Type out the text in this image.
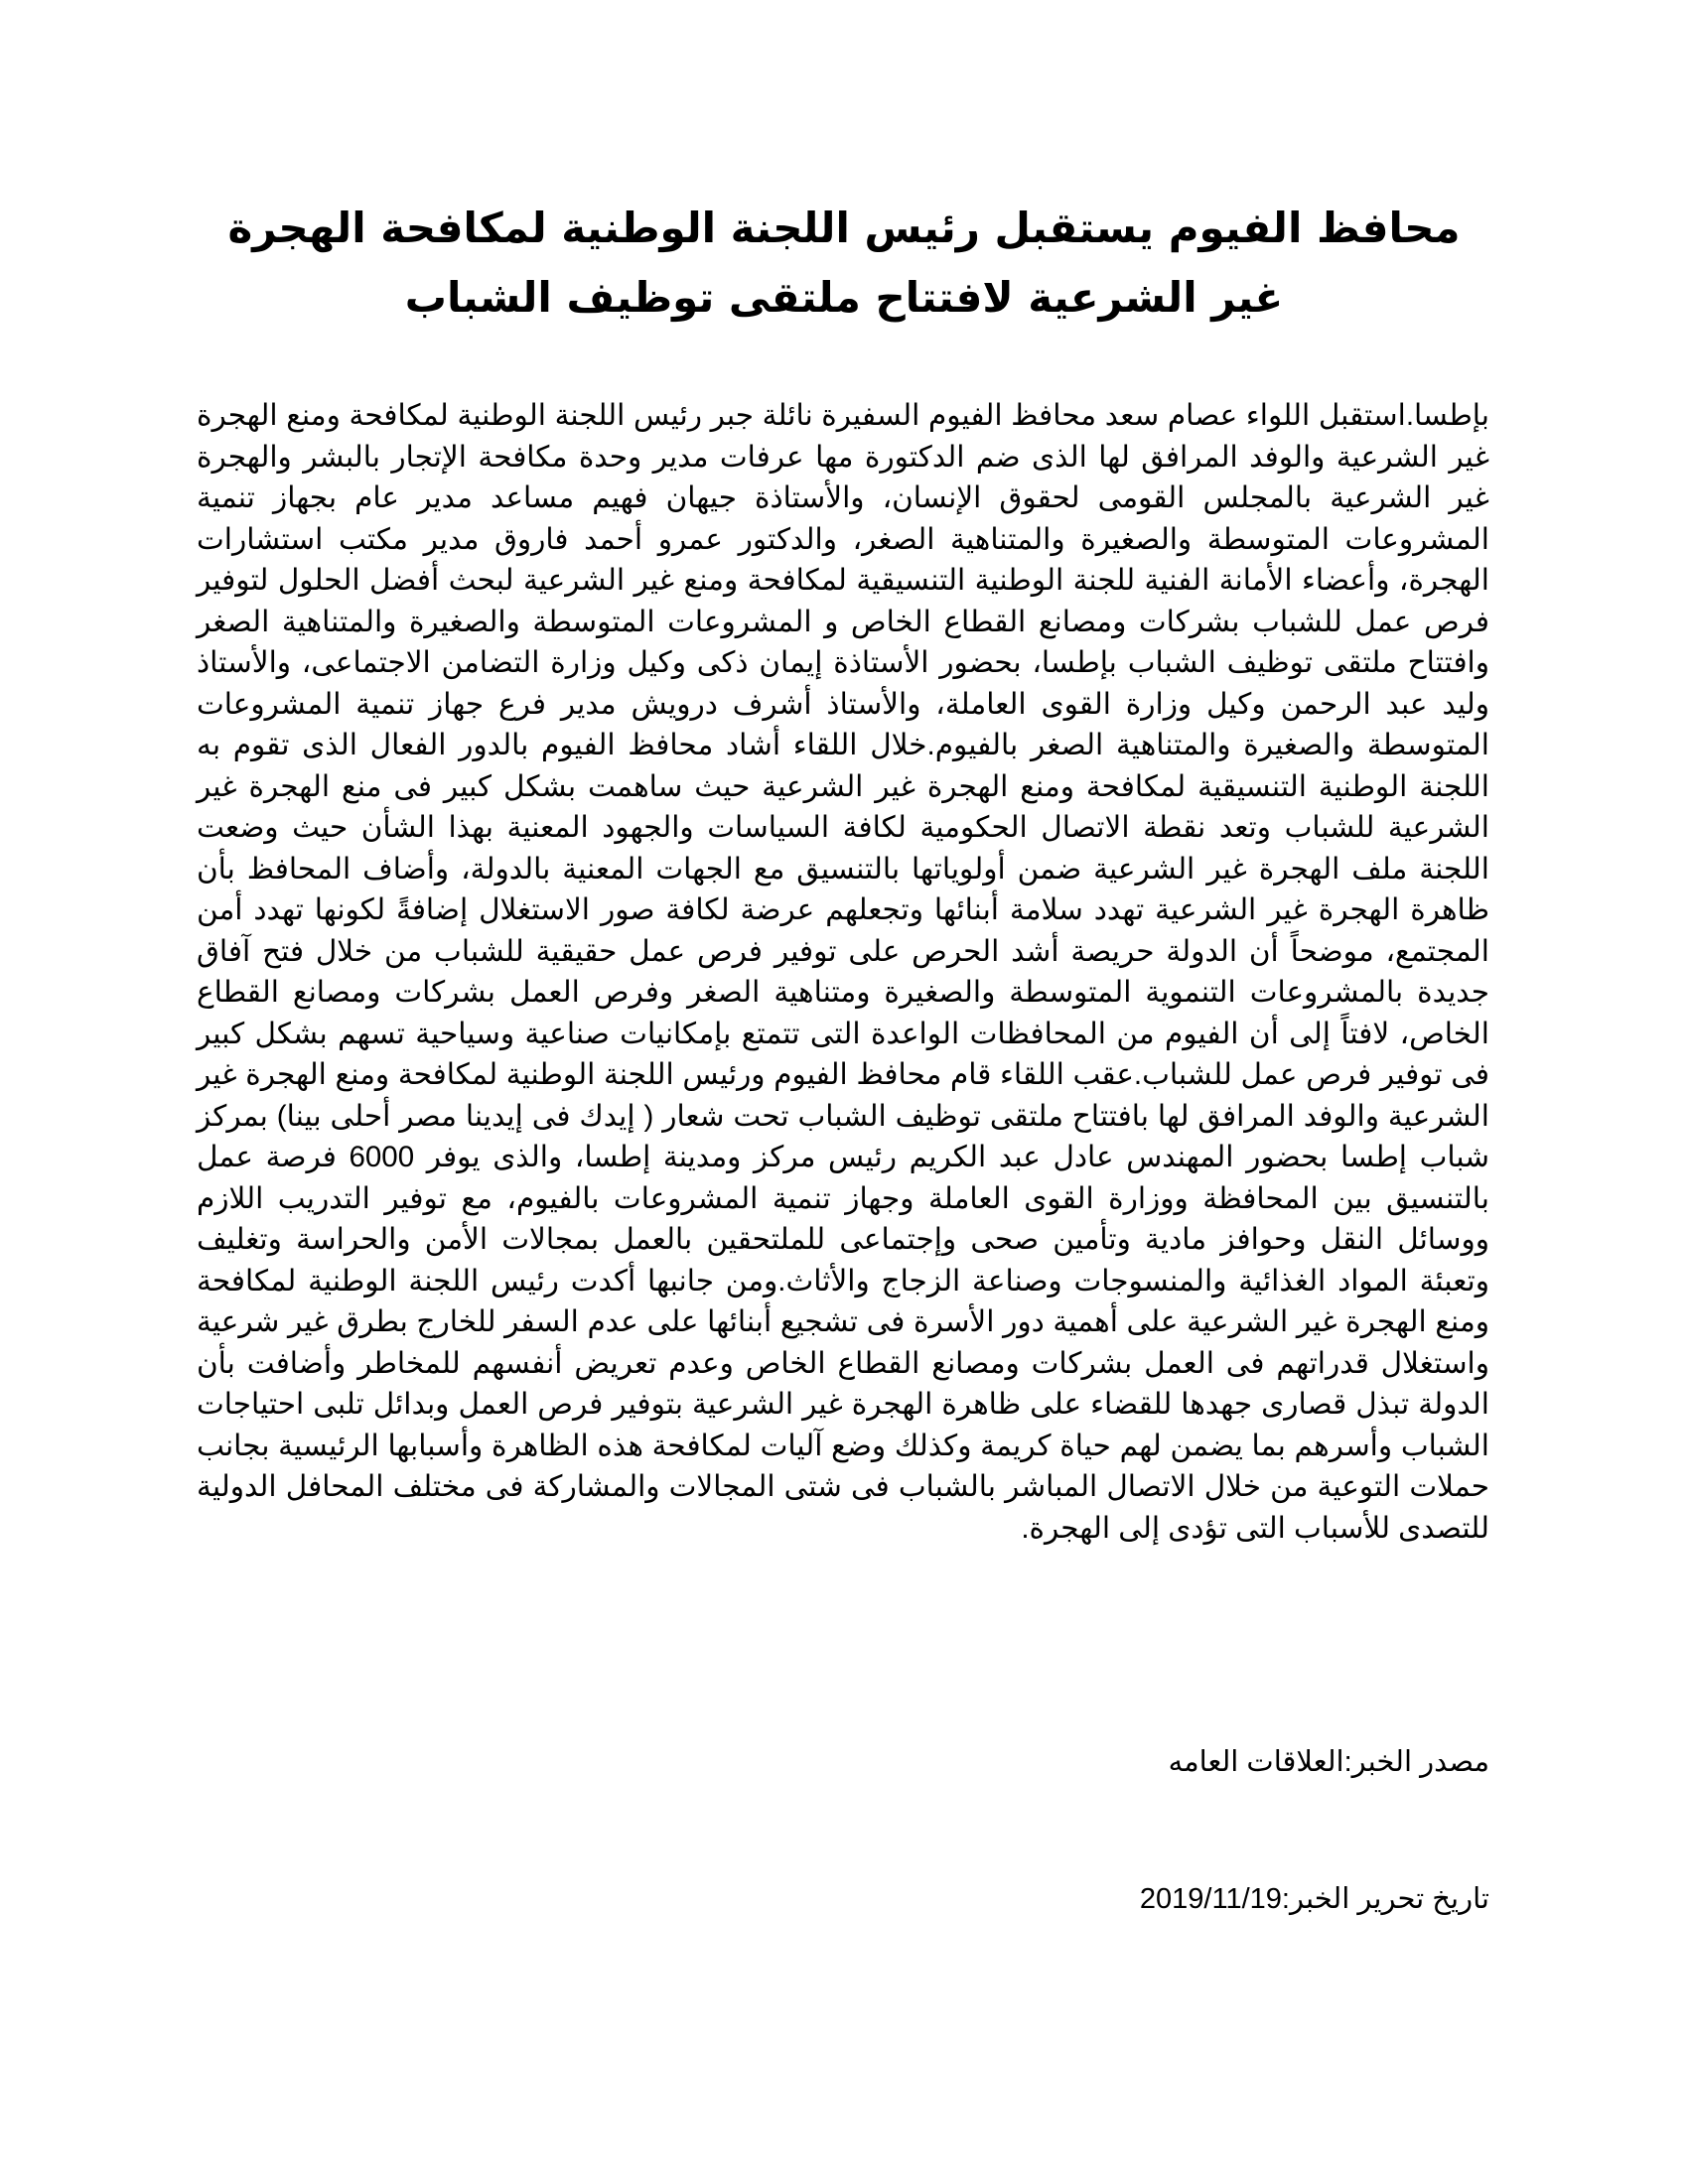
محافظ الفيوم يستقبل رئيس اللجنة الوطنية لمكافحة الهجرة غير الشرعية لافتتاح ملتقى توظيف الشباب

بإطسا.استقبل اللواء عصام سعد محافظ الفيوم السفيرة نائلة جبر رئيس اللجنة الوطنية لمكافحة ومنع الهجرة غير الشرعية والوفد المرافق لها الذى ضم الدكتورة مها عرفات مدير وحدة مكافحة الإتجار بالبشر والهجرة غير الشرعية بالمجلس القومى لحقوق الإنسان، والأستاذة جيهان فهيم مساعد مدير عام بجهاز تنمية المشروعات المتوسطة والصغيرة والمتناهية الصغر، والدكتور عمرو أحمد فاروق مدير مكتب استشارات الهجرة، وأعضاء الأمانة الفنية للجنة الوطنية التنسيقية لمكافحة ومنع غير الشرعية لبحث أفضل الحلول لتوفير فرص عمل للشباب بشركات ومصانع القطاع الخاص و المشروعات المتوسطة والصغيرة والمتناهية الصغر وافتتاح ملتقى توظيف الشباب بإطسا، بحضور الأستاذة إيمان ذكى وكيل وزارة التضامن الاجتماعى، والأستاذ وليد عبد الرحمن وكيل وزارة القوى العاملة، والأستاذ أشرف درويش مدير فرع جهاز تنمية المشروعات المتوسطة والصغيرة والمتناهية الصغر بالفيوم.خلال اللقاء أشاد محافظ الفيوم بالدور الفعال الذى تقوم به اللجنة الوطنية التنسيقية لمكافحة ومنع الهجرة غير الشرعية حيث ساهمت بشكل كبير فى منع الهجرة غير الشرعية للشباب وتعد نقطة الاتصال الحكومية لكافة السياسات والجهود المعنية بهذا الشأن حيث وضعت اللجنة ملف الهجرة غير الشرعية ضمن أولوياتها بالتنسيق مع الجهات المعنية بالدولة، وأضاف المحافظ بأن ظاهرة الهجرة غير الشرعية تهدد سلامة أبنائها وتجعلهم عرضة لكافة صور الاستغلال إضافةً لكونها تهدد أمن المجتمع، موضحاً أن الدولة حريصة أشد الحرص على توفير فرص عمل حقيقية للشباب من خلال فتح آفاق جديدة بالمشروعات التنموية المتوسطة والصغيرة ومتناهية الصغر وفرص العمل بشركات ومصانع القطاع الخاص، لافتاً إلى أن الفيوم من المحافظات الواعدة التى تتمتع بإمكانيات صناعية وسياحية تسهم بشكل كبير فى توفير فرص عمل للشباب.عقب اللقاء قام محافظ الفيوم ورئيس اللجنة الوطنية لمكافحة ومنع الهجرة غير الشرعية والوفد المرافق لها بافتتاح ملتقى توظيف الشباب تحت شعار ( إيدك فى إيدينا مصر أحلى بينا) بمركز شباب إطسا بحضور المهندس عادل عبد الكريم رئيس مركز ومدينة إطسا، والذى يوفر 6000 فرصة عمل بالتنسيق بين المحافظة ووزارة القوى العاملة وجهاز تنمية المشروعات بالفيوم، مع توفير التدريب اللازم ووسائل النقل وحوافز مادية وتأمين صحى وإجتماعى للملتحقين بالعمل بمجالات الأمن والحراسة وتغليف وتعبئة المواد الغذائية والمنسوجات وصناعة الزجاج والأثاث.ومن جانبها أكدت رئيس اللجنة الوطنية لمكافحة ومنع الهجرة غير الشرعية على أهمية دور الأسرة فى تشجيع أبنائها على عدم السفر للخارج بطرق غير شرعية واستغلال قدراتهم فى العمل بشركات ومصانع القطاع الخاص وعدم تعريض أنفسهم للمخاطر وأضافت بأن الدولة تبذل قصارى جهدها للقضاء على ظاهرة الهجرة غير الشرعية بتوفير فرص العمل وبدائل تلبى احتياجات الشباب وأسرهم بما يضمن لهم حياة كريمة وكذلك وضع آليات لمكافحة هذه الظاهرة وأسبابها الرئيسية بجانب حملات التوعية من خلال الاتصال المباشر بالشباب فى شتى المجالات والمشاركة فى مختلف المحافل الدولية للتصدى للأسباب التى تؤدى إلى الهجرة.

مصدر الخبر:العلاقات العامه

تاريخ تحرير الخبر:2019/11/19
